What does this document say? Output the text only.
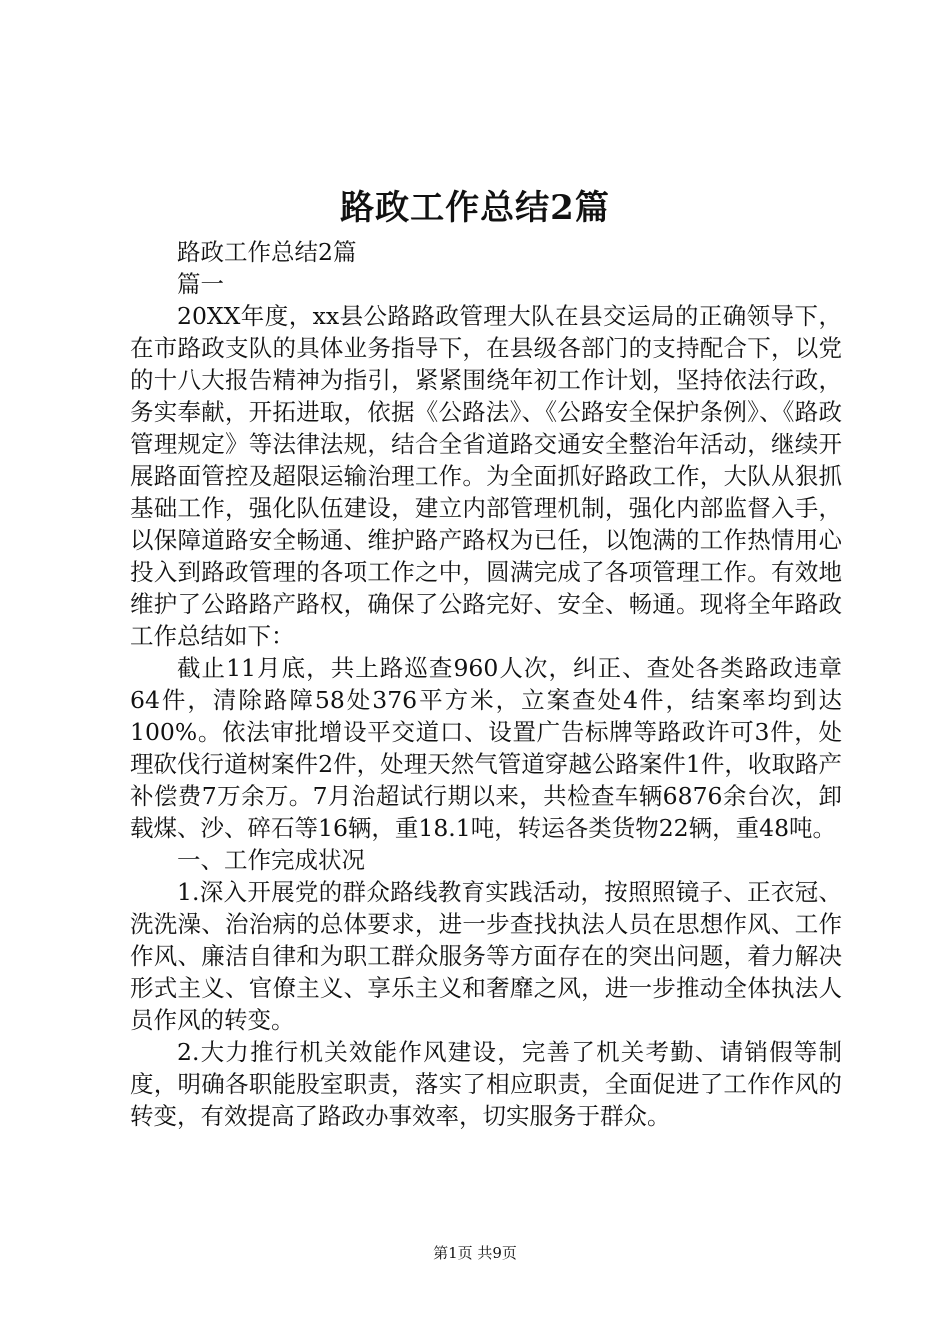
路政工作总结2篇

路政工作总结2篇

篇一

20XX年度，xx县公路路政管理大队在县交运局的正确领导下，在市路政支队的具体业务指导下，在县级各部门的支持配合下，以党的十八大报告精神为指引，紧紧围绕年初工作计划，坚持依法行政，务实奉献，开拓进取，依据《公路法》、《公路安全保护条例》、《路政管理规定》等法律法规，结合全省道路交通安全整治年活动，继续开展路面管控及超限运输治理工作。为全面抓好路政工作，大队从狠抓基础工作，强化队伍建设，建立内部管理机制，强化内部监督入手，以保障道路安全畅通、维护路产路权为已任，以饱满的工作热情用心投入到路政管理的各项工作之中，圆满完成了各项管理工作。有效地维护了公路路产路权，确保了公路完好、安全、畅通。现将全年路政工作总结如下：

截止11月底，共上路巡查960人次，纠正、查处各类路政违章64件，清除路障58处376平方米，立案查处4件，结案率均到达100%。依法审批增设平交道口、设置广告标牌等路政许可3件，处理砍伐行道树案件2件，处理天然气管道穿越公路案件1件，收取路产补偿费7万余万。7月治超试行期以来，共检查车辆6876余台次，卸载煤、沙、碎石等16辆，重18.1吨，转运各类货物22辆，重48吨。

一、工作完成状况

1.深入开展党的群众路线教育实践活动，按照照镜子、正衣冠、洗洗澡、治治病的总体要求，进一步查找执法人员在思想作风、工作作风、廉洁自律和为职工群众服务等方面存在的突出问题，着力解决形式主义、官僚主义、享乐主义和奢靡之风，进一步推动全体执法人员作风的转变。

2.大力推行机关效能作风建设，完善了机关考勤、请销假等制度，明确各职能股室职责，落实了相应职责，全面促进了工作作风的转变，有效提高了路政办事效率，切实服务于群众。

第1页 共9页
